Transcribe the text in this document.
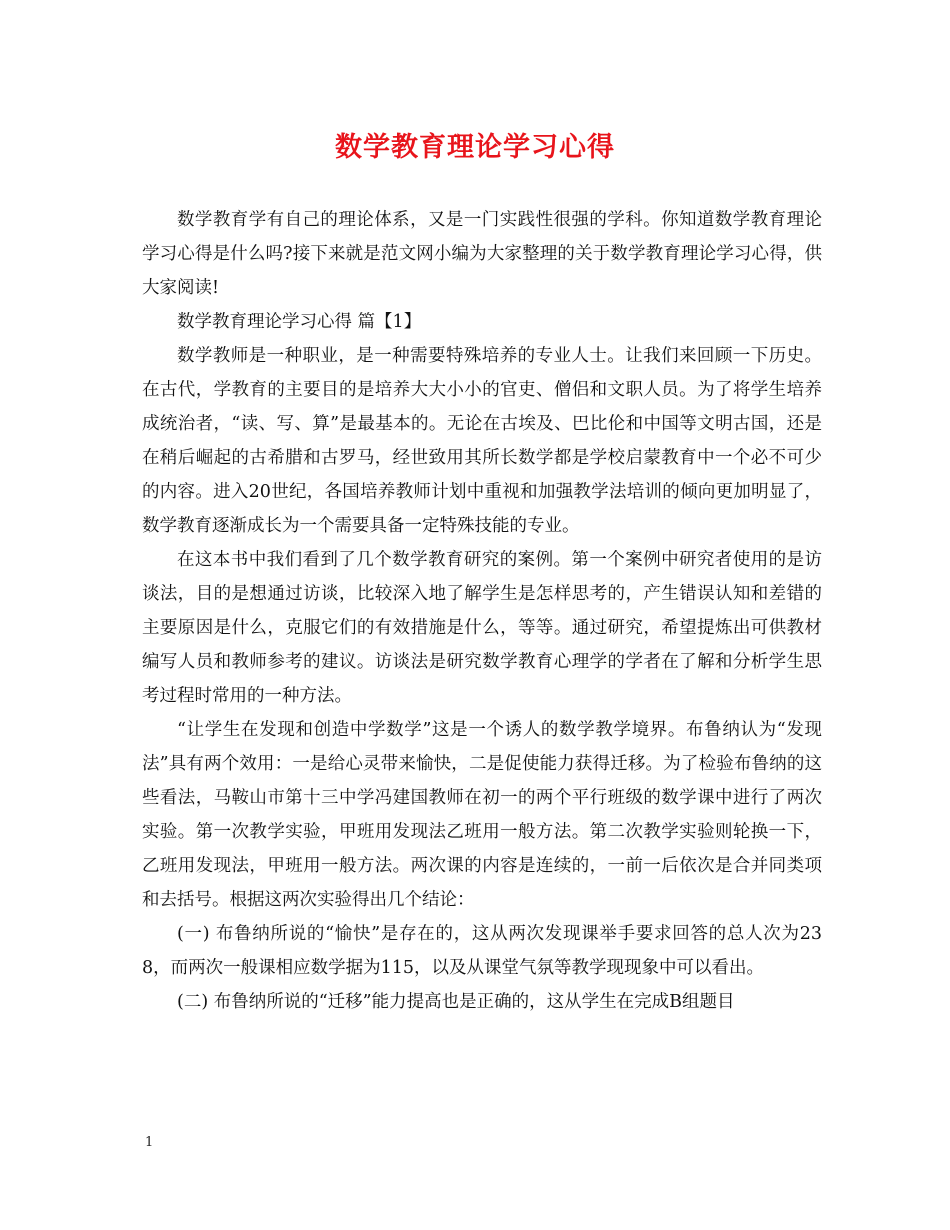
数学教育理论学习心得

数学教育学有自己的理论体系，又是一门实践性很强的学科。你知道数学教育理论学习心得是什么吗?接下来就是范文网小编为大家整理的关于数学教育理论学习心得，供大家阅读!

数学教育理论学习心得 篇【1】

数学教师是一种职业，是一种需要特殊培养的专业人士。让我们来回顾一下历史。在古代，学教育的主要目的是培养大大小小的官吏、僧侣和文职人员。为了将学生培养成统治者，“读、写、算”是最基本的。无论在古埃及、巴比伦和中国等文明古国，还是在稍后崛起的古希腊和古罗马，经世致用其所长数学都是学校启蒙教育中一个必不可少的内容。进入20世纪，各国培养教师计划中重视和加强教学法培训的倾向更加明显了，数学教育逐渐成长为一个需要具备一定特殊技能的专业。

在这本书中我们看到了几个数学教育研究的案例。第一个案例中研究者使用的是访谈法，目的是想通过访谈，比较深入地了解学生是怎样思考的，产生错误认知和差错的主要原因是什么，克服它们的有效措施是什么，等等。通过研究，希望提炼出可供教材编写人员和教师参考的建议。访谈法是研究数学教育心理学的学者在了解和分析学生思考过程时常用的一种方法。

“让学生在发现和创造中学数学”这是一个诱人的数学教学境界。布鲁纳认为“发现法”具有两个效用：一是给心灵带来愉快，二是促使能力获得迁移。为了检验布鲁纳的这些看法，马鞍山市第十三中学冯建国教师在初一的两个平行班级的数学课中进行了两次实验。第一次教学实验，甲班用发现法乙班用一般方法。第二次教学实验则轮换一下，乙班用发现法，甲班用一般方法。两次课的内容是连续的，一前一后依次是合并同类项和去括号。根据这两次实验得出几个结论：

(一) 布鲁纳所说的“愉快”是存在的，这从两次发现课举手要求回答的总人次为238，而两次一般课相应数学据为115，以及从课堂气氛等教学现现象中可以看出。

(二) 布鲁纳所说的“迁移”能力提高也是正确的，这从学生在完成B组题目

1
